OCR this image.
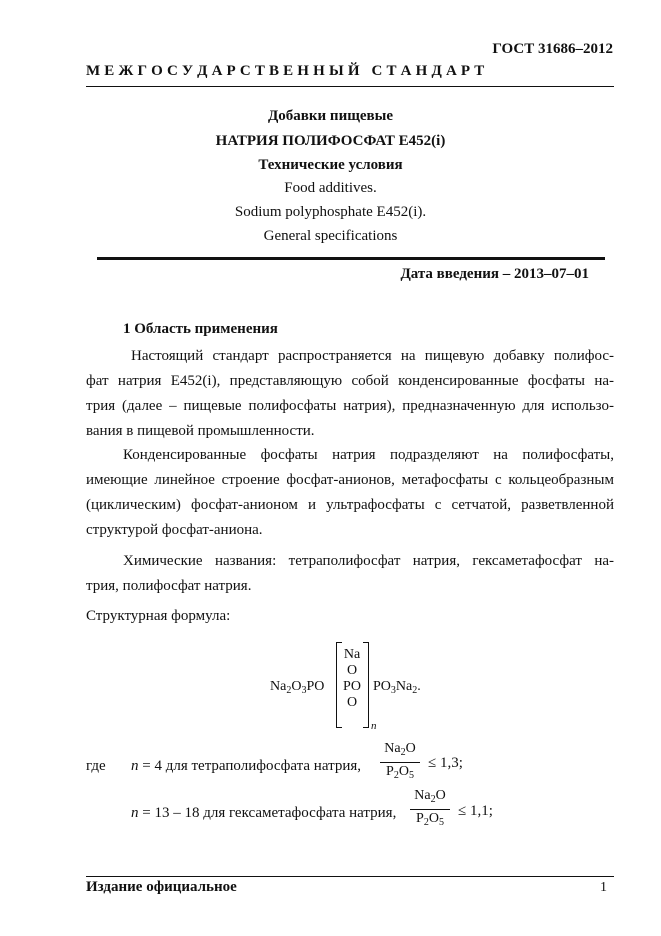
ГОСТ 31686–2012
М Е Ж Г О С У Д А Р С Т В Е Н Н Ы Й   С Т А Н Д А Р Т
Добавки пищевые
НАТРИЯ ПОЛИФОСФАТ E452(i)
Технические условия
Food additives.
Sodium polyphosphate E452(i).
General specifications
Дата введения – 2013–07–01
1 Область применения
Настоящий стандарт распространяется на пищевую добавку полифос-
фат натрия E452(i), представляющую собой конденсированные фосфаты на-
трия (далее – пищевые полифосфаты натрия), предназначенную для использо-
вания в пищевой промышленности.
Конденсированные фосфаты натрия подразделяют на полифосфаты,
имеющие линейное строение фосфат-анионов, метафосфаты с кольцеобразным
(циклическим) фосфат-анионом и ультрафосфаты с сетчатой, разветвленной
структурой фосфат-аниона.
Химические названия: тетраполифосфат натрия, гексаметафосфат на-
трия, полифосфат натрия.
Структурная формула:
$Na_2O_3PO$
Na
O
PO
O
n
$PO_3Na_2$.
где n = 4 для тетраполифосфата натрия,
$Na_2O$
$P_2O_5$
≤ 1,3;
n = 13 – 18 для гексаметафосфата натрия,
$Na_2O$
$P_2O_5$
≤ 1,1;
Издание официальное	1
